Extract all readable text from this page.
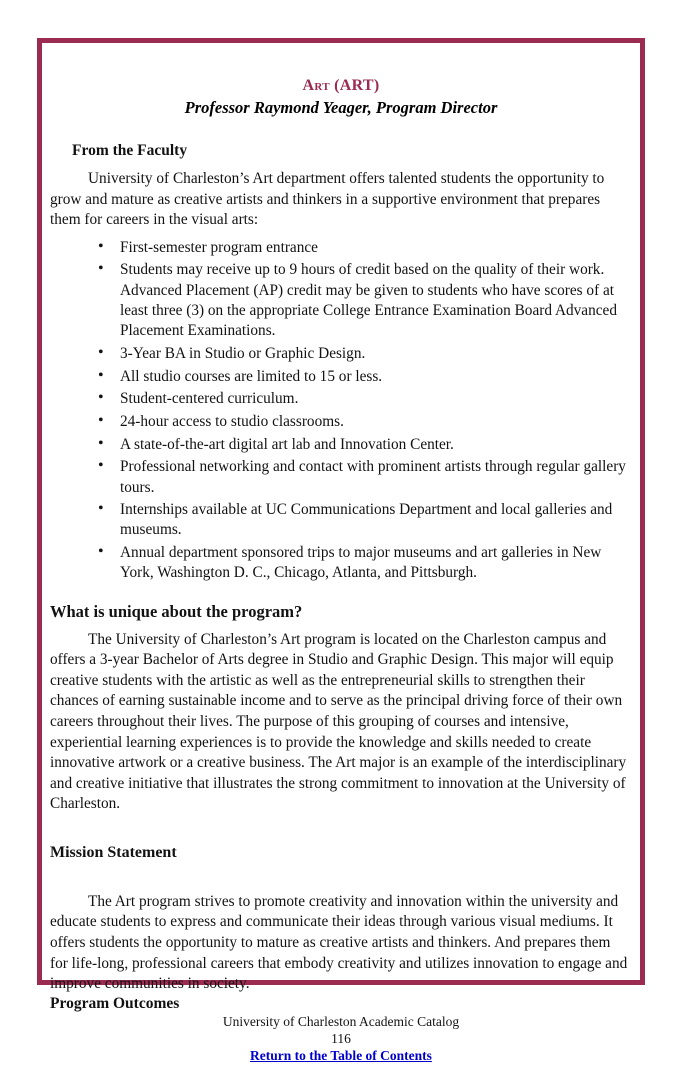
Art (ART)
Professor Raymond Yeager, Program Director
From the Faculty

University of Charleston’s Art department offers talented students the opportunity to grow and mature as creative artists and thinkers in a supportive environment that prepares them for careers in the visual arts:

• First-semester program entrance
• Students may receive up to 9 hours of credit based on the quality of their work. Advanced Placement (AP) credit may be given to students who have scores of at least three (3) on the appropriate College Entrance Examination Board Advanced Placement Examinations.
• 3-Year BA in Studio or Graphic Design.
• All studio courses are limited to 15 or less.
• Student-centered curriculum.
• 24-hour access to studio classrooms.
• A state-of-the-art digital art lab and Innovation Center.
• Professional networking and contact with prominent artists through regular gallery tours.
• Internships available at UC Communications Department and local galleries and museums.
• Annual department sponsored trips to major museums and art galleries in New York, Washington D. C., Chicago, Atlanta, and Pittsburgh.
What is unique about the program?

The University of Charleston’s Art program is located on the Charleston campus and offers a 3-year Bachelor of Arts degree in Studio and Graphic Design. This major will equip creative students with the artistic as well as the entrepreneurial skills to strengthen their chances of earning sustainable income and to serve as the principal driving force of their own careers throughout their lives. The purpose of this grouping of courses and intensive, experiential learning experiences is to provide the knowledge and skills needed to create innovative artwork or a creative business. The Art major is an example of the interdisciplinary and creative initiative that illustrates the strong commitment to innovation at the University of Charleston.

Mission Statement

The Art program strives to promote creativity and innovation within the university and educate students to express and communicate their ideas through various visual mediums. It offers students the opportunity to mature as creative artists and thinkers. And prepares them for life-long, professional careers that embody creativity and utilizes innovation to engage and improve communities in society.

Program Outcomes
University of Charleston Academic Catalog
116
Return to the Table of Contents
